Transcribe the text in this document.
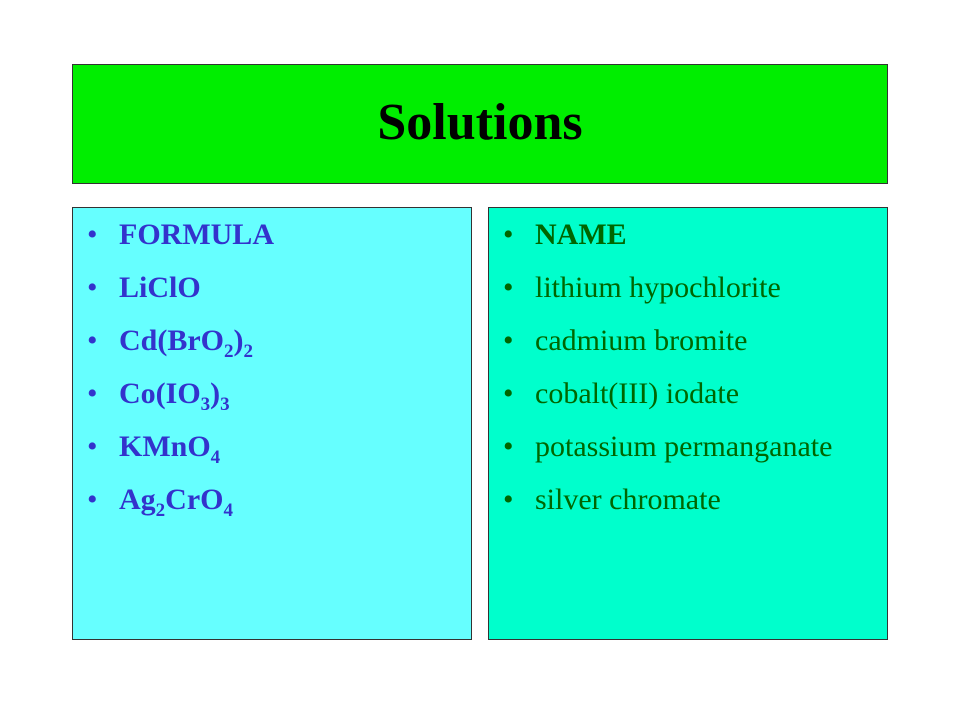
Solutions
• FORMULA
• LiClO
• $Cd(BrO_2)_2$
• $Co(IO_3)_3$
• KMnO$_4$
• $Ag_2CrO_4$
• NAME
• lithium hypochlorite
• cadmium bromite
• cobalt(III) iodate
• potassium permanganate
• silver chromate
